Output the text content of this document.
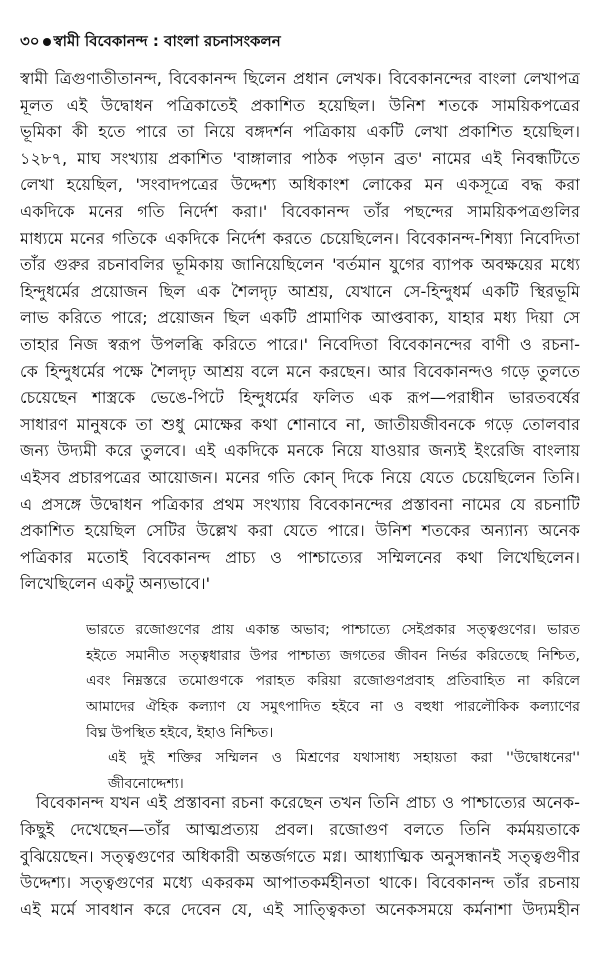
৩০ স্বামী বিবেকানন্দ : বাংলা রচনাসংকলন
স্বামী ত্রিগুণাতীতানন্দ, বিবেকানন্দ ছিলেন প্রধান লেখক। বিবেকানন্দের বাংলা লেখাপত্র
মূলত এই উদ্বোধন পত্রিকাতেই প্রকাশিত হয়েছিল। উনিশ শতকে সাময়িকপত্রের
ভূমিকা কী হতে পারে তা নিয়ে বঙ্গদর্শন পত্রিকায় একটি লেখা প্রকাশিত হয়েছিল।
১২৮৭, মাঘ সংখ্যায় প্রকাশিত 'বাঙ্গালার পাঠক পড়ান ব্রত' নামের এই নিবন্ধটিতে
লেখা হয়েছিল, 'সংবাদপত্রের উদ্দেশ্য অধিকাংশ লোকের মন একসূত্রে বদ্ধ করা
একদিকে মনের গতি নির্দেশ করা।' বিবেকানন্দ তাঁর পছন্দের সাময়িকপত্রগুলির
মাধ্যমে মনের গতিকে একদিকে নির্দেশ করতে চেয়েছিলেন। বিবেকানন্দ-শিষ্যা নিবেদিতা
তাঁর গুরুর রচনাবলির ভূমিকায় জানিয়েছিলেন 'বর্তমান যুগের ব্যাপক অবক্ষয়ের মধ্যে
হিন্দুধর্মের প্রয়োজন ছিল এক শৈলদৃঢ় আশ্রয়, যেখানে সে-হিন্দুধর্ম একটি স্থিরভূমি
লাভ করিতে পারে; প্রয়োজন ছিল একটি প্রামাণিক আপ্তবাক্য, যাহার মধ্য দিয়া সে
তাহার নিজ স্বরূপ উপলব্ধি করিতে পারে।' নিবেদিতা বিবেকানন্দের বাণী ও রচনা-
কে হিন্দুধর্মের পক্ষে শৈলদৃঢ় আশ্রয় বলে মনে করছেন। আর বিবেকানন্দও গড়ে তুলতে
চেয়েছেন শাস্ত্রকে ভেঙে-পিটে হিন্দুধর্মের ফলিত এক রূপ—পরাধীন ভারতবর্ষের
সাধারণ মানুষকে তা শুধু মোক্ষের কথা শোনাবে না, জাতীয়জীবনকে গড়ে তোলবার
জন্য উদ্যমী করে তুলবে। এই একদিকে মনকে নিয়ে যাওয়ার জন্যই ইংরেজি বাংলায়
এইসব প্রচারপত্রের আয়োজন। মনের গতি কোন্ দিকে নিয়ে যেতে চেয়েছিলেন তিনি।
এ প্রসঙ্গে উদ্বোধন পত্রিকার প্রথম সংখ্যায় বিবেকানন্দের প্রস্তাবনা নামের যে রচনাটি
প্রকাশিত হয়েছিল সেটির উল্লেখ করা যেতে পারে। উনিশ শতকের অন্যান্য অনেক
পত্রিকার মতোই বিবেকানন্দ প্রাচ্য ও পাশ্চাত্যের সম্মিলনের কথা লিখেছিলেন।
লিখেছিলেন একটু অন্যভাবে।'
ভারতে রজোগুণের প্রায় একান্ত অভাব; পাশ্চাত্যে সেইপ্রকার সত্ত্বগুণের। ভারত
হইতে সমানীত সত্ত্বধারার উপর পাশ্চাত্য জগতের জীবন নির্ভর করিতেছে নিশ্চিত,
এবং নিম্নস্তরে তমোগুণকে পরাহত করিয়া রজোগুণপ্রবাহ প্রতিবাহিত না করিলে
আমাদের ঐহিক কল্যাণ যে সমুৎপাদিত হইবে না ও বহুধা পারলৌকিক কল্যাণের
বিঘ্ন উপস্থিত হইবে, ইহাও নিশ্চিত।
এই দুই শক্তির সম্মিলন ও মিশ্রণের যথাসাধ্য সহায়তা করা ''উদ্বোধনের''
জীবনোদ্দেশ্য।
বিবেকানন্দ যখন এই প্রস্তাবনা রচনা করেছেন তখন তিনি প্রাচ্য ও পাশ্চাত্যের অনেক-
কিছুই দেখেছেন—তাঁর আত্মপ্রত্যয় প্রবল। রজোগুণ বলতে তিনি কর্মময়তাকে
বুঝিয়েছেন। সত্ত্বগুণের অধিকারী অন্তর্জগতে মগ্ন। আধ্যাত্মিক অনুসন্ধানই সত্ত্বগুণীর
উদ্দেশ্য। সত্ত্বগুণের মধ্যে একরকম আপাতকর্মহীনতা থাকে। বিবেকানন্দ তাঁর রচনায়
এই মর্মে সাবধান করে দেবেন যে, এই সাত্ত্বিকতা অনেকসময়ে কর্মনাশা উদ্যমহীন
